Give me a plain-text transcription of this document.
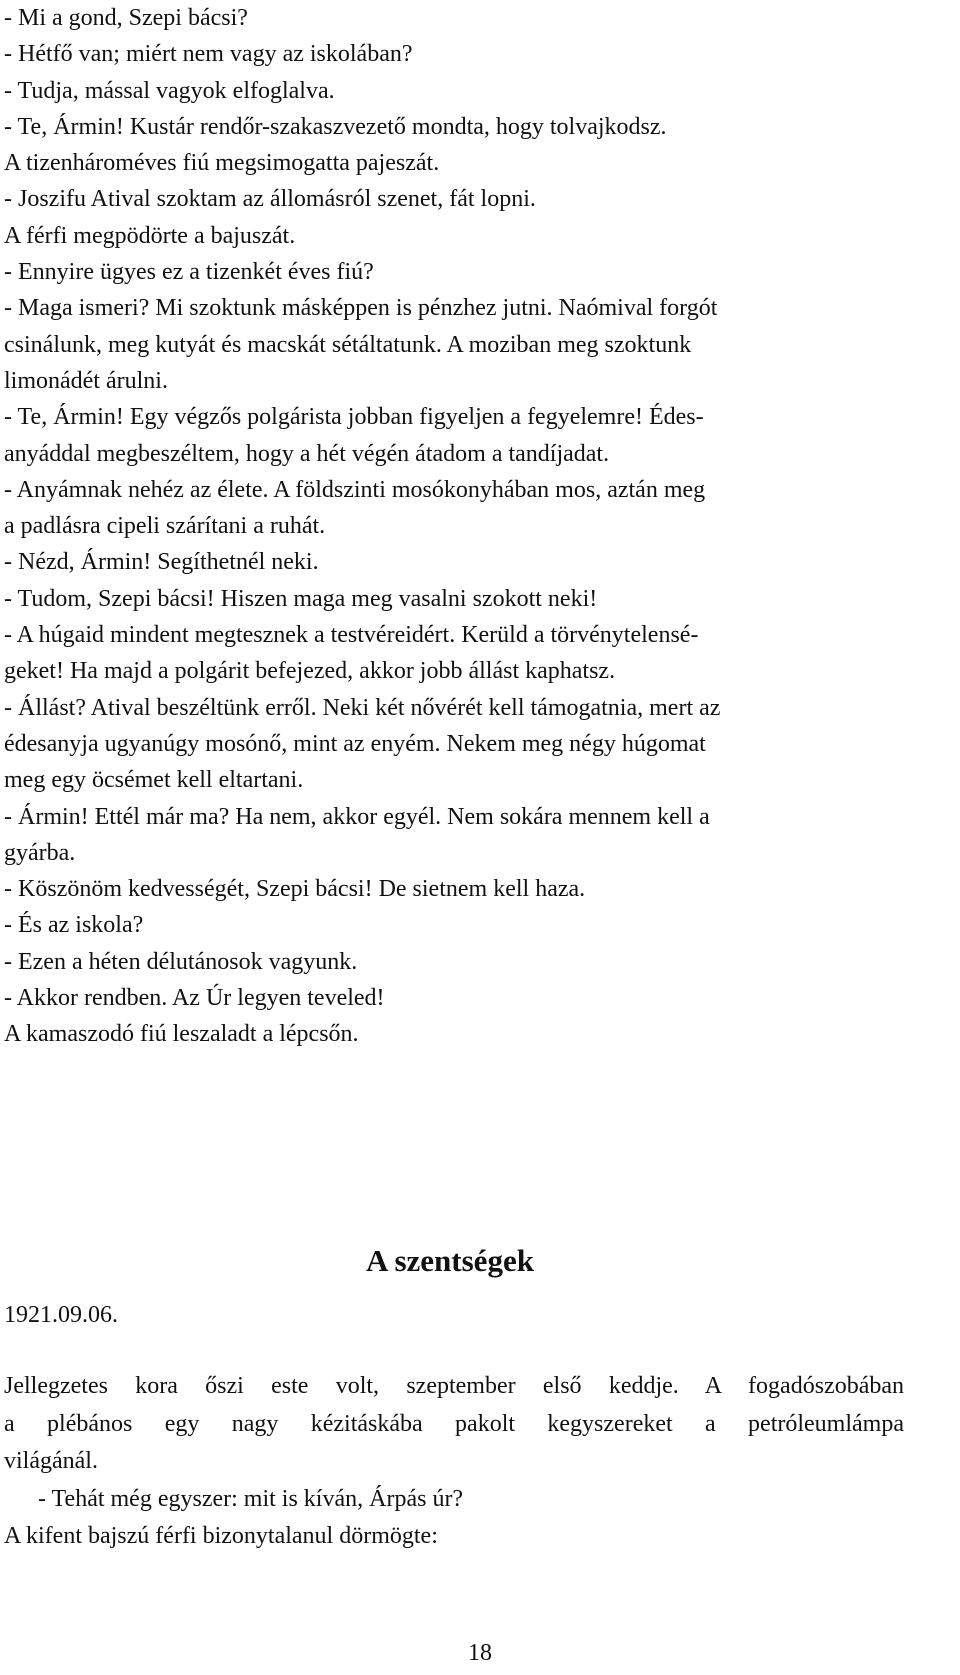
- Mi a gond, Szepi bácsi?

- Hétfő van; miért nem vagy az iskolában?

- Tudja, mással vagyok elfoglalva.

- Te, Ármin! Kustár rendőr-szakaszvezető mondta, hogy tolvajkodsz.

A tizenhároméves fiú megsimogatta pajeszát.

- Joszifu Atival szoktam az állomásról szenet, fát lopni.

A férfi megpödörte a bajuszát.

- Ennyire ügyes ez a tizenkét éves fiú?

- Maga ismeri? Mi szoktunk másképpen is pénzhez jutni. Naómival forgót

csinálunk, meg kutyát és macskát sétáltatunk. A moziban meg szoktunk

limonádét árulni.

- Te, Ármin! Egy végzős polgárista jobban figyeljen a fegyelemre! Édes-

anyáddal megbeszéltem, hogy a hét végén átadom a tandíjadat.

- Anyámnak nehéz az élete. A földszinti mosókonyhában mos, aztán meg

a padlásra cipeli szárítani a ruhát.

- Nézd, Ármin! Segíthetnél neki.

- Tudom, Szepi bácsi! Hiszen maga meg vasalni szokott neki!

- A húgaid mindent megtesznek a testvéreidért. Kerüld a törvénytelensé-

geket! Ha majd a polgárit befejezed, akkor jobb állást kaphatsz.

- Állást? Atival beszéltünk erről. Neki két nővérét kell támogatnia, mert az

édesanyja ugyanúgy mosónő, mint az enyém. Nekem meg négy húgomat

meg egy öcsémet kell eltartani.

- Ármin! Ettél már ma? Ha nem, akkor egyél. Nem sokára mennem kell a

gyárba.

- Köszönöm kedvességét, Szepi bácsi! De sietnem kell haza.

- És az iskola?

- Ezen a héten délutánosok vagyunk.

- Akkor rendben. Az Úr legyen teveled!

A kamaszodó fiú leszaladt a lépcsőn.

A szentségek

1921.09.06.

Jellegzetes kora őszi este volt, szeptember első keddje. A fogadószobában

a plébános egy nagy kézitáskába pakolt kegyszereket a petróleumlámpa

világánál.

- Tehát még egyszer: mit is kíván, Árpás úr?

A kifent bajszú férfi bizonytalanul dörmögte:

18
